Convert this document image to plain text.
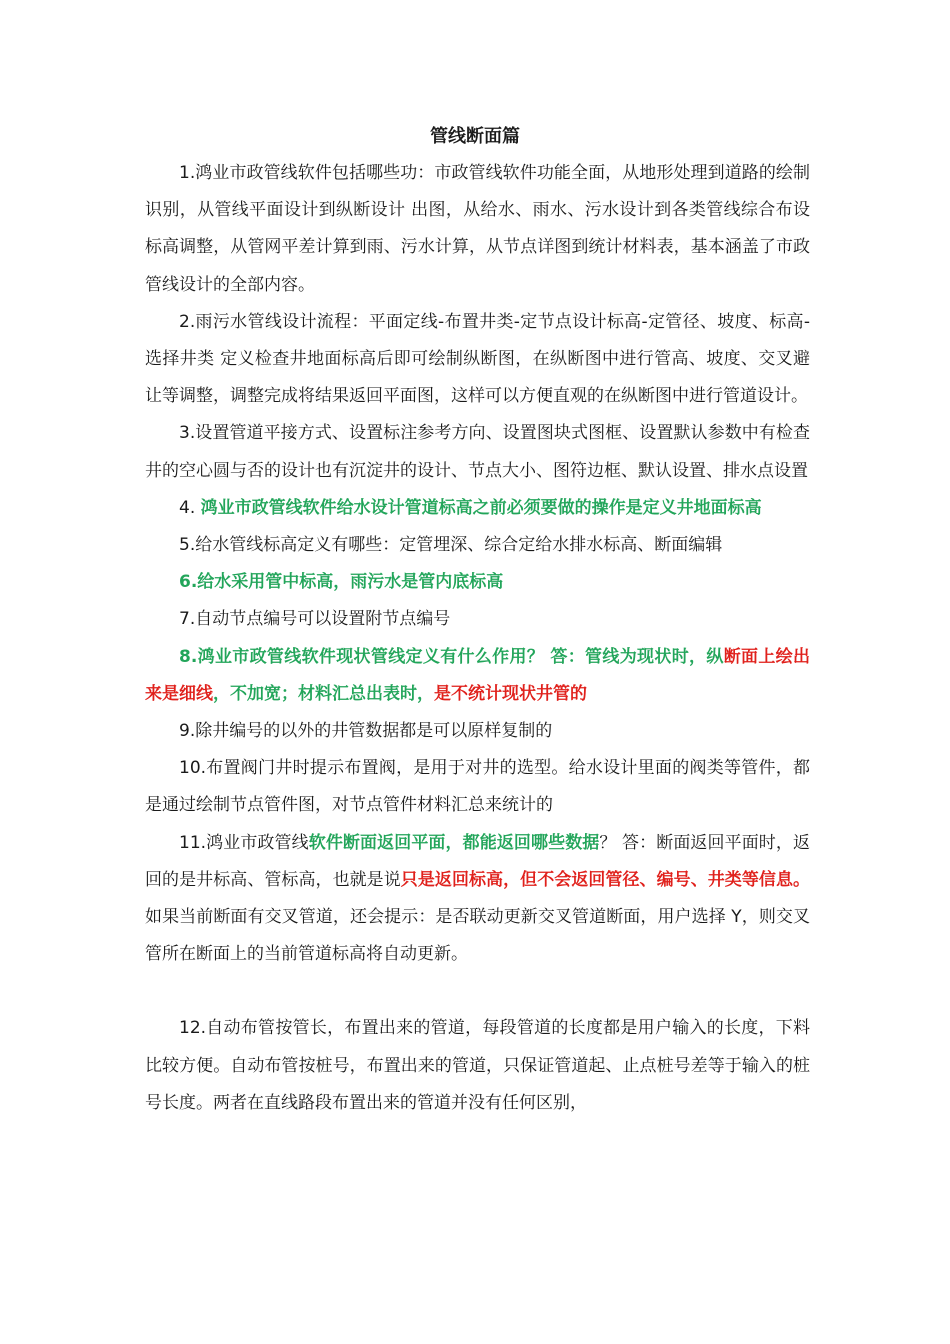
管线断面篇

1.鸿业市政管线软件包括哪些功：市政管线软件功能全面，从地形处理到道路的绘制识别，从管线平面设计到纵断设计 出图，从给水、雨水、污水设计到各类管线综合布设标高调整，从管网平差计算到雨、污水计算，从节点详图到统计材料表，基本涵盖了市政管线设计的全部内容。

2.雨污水管线设计流程：平面定线-布置井类-定节点设计标高-定管径、坡度、标高-选择井类 定义检查井地面标高后即可绘制纵断图，在纵断图中进行管高、坡度、交叉避让等调整，调整完成将结果返回平面图，这样可以方便直观的在纵断图中进行管道设计。

3.设置管道平接方式、设置标注参考方向、设置图块式图框、设置默认参数中有检查井的空心圆与否的设计也有沉淀井的设计、节点大小、图符边框、默认设置、排水点设置

4. 鸿业市政管线软件给水设计管道标高之前必须要做的操作是定义井地面标高

5.给水管线标高定义有哪些：定管埋深、综合定给水排水标高、断面编辑

6.给水采用管中标高，雨污水是管内底标高

7.自动节点编号可以设置附节点编号

8.鸿业市政管线软件现状管线定义有什么作用？ 答：管线为现状时，纵断面上绘出来是细线，不加宽；材料汇总出表时，是不统计现状井管的

9.除井编号的以外的井管数据都是可以原样复制的

10.布置阀门井时提示布置阀，是用于对井的选型。给水设计里面的阀类等管件，都是通过绘制节点管件图，对节点管件材料汇总来统计的

11.鸿业市政管线软件断面返回平面，都能返回哪些数据？ 答：断面返回平面时，返回的是井标高、管标高，也就是说只是返回标高，但不会返回管径、编号、井类等信息。如果当前断面有交叉管道，还会提示：是否联动更新交叉管道断面，用户选择 Y，则交叉管所在断面上的当前管道标高将自动更新。

12.自动布管按管长，布置出来的管道，每段管道的长度都是用户输入的长度，下料比较方便。自动布管按桩号，布置出来的管道，只保证管道起、止点桩号差等于输入的桩号长度。两者在直线路段布置出来的管道并没有任何区别，
